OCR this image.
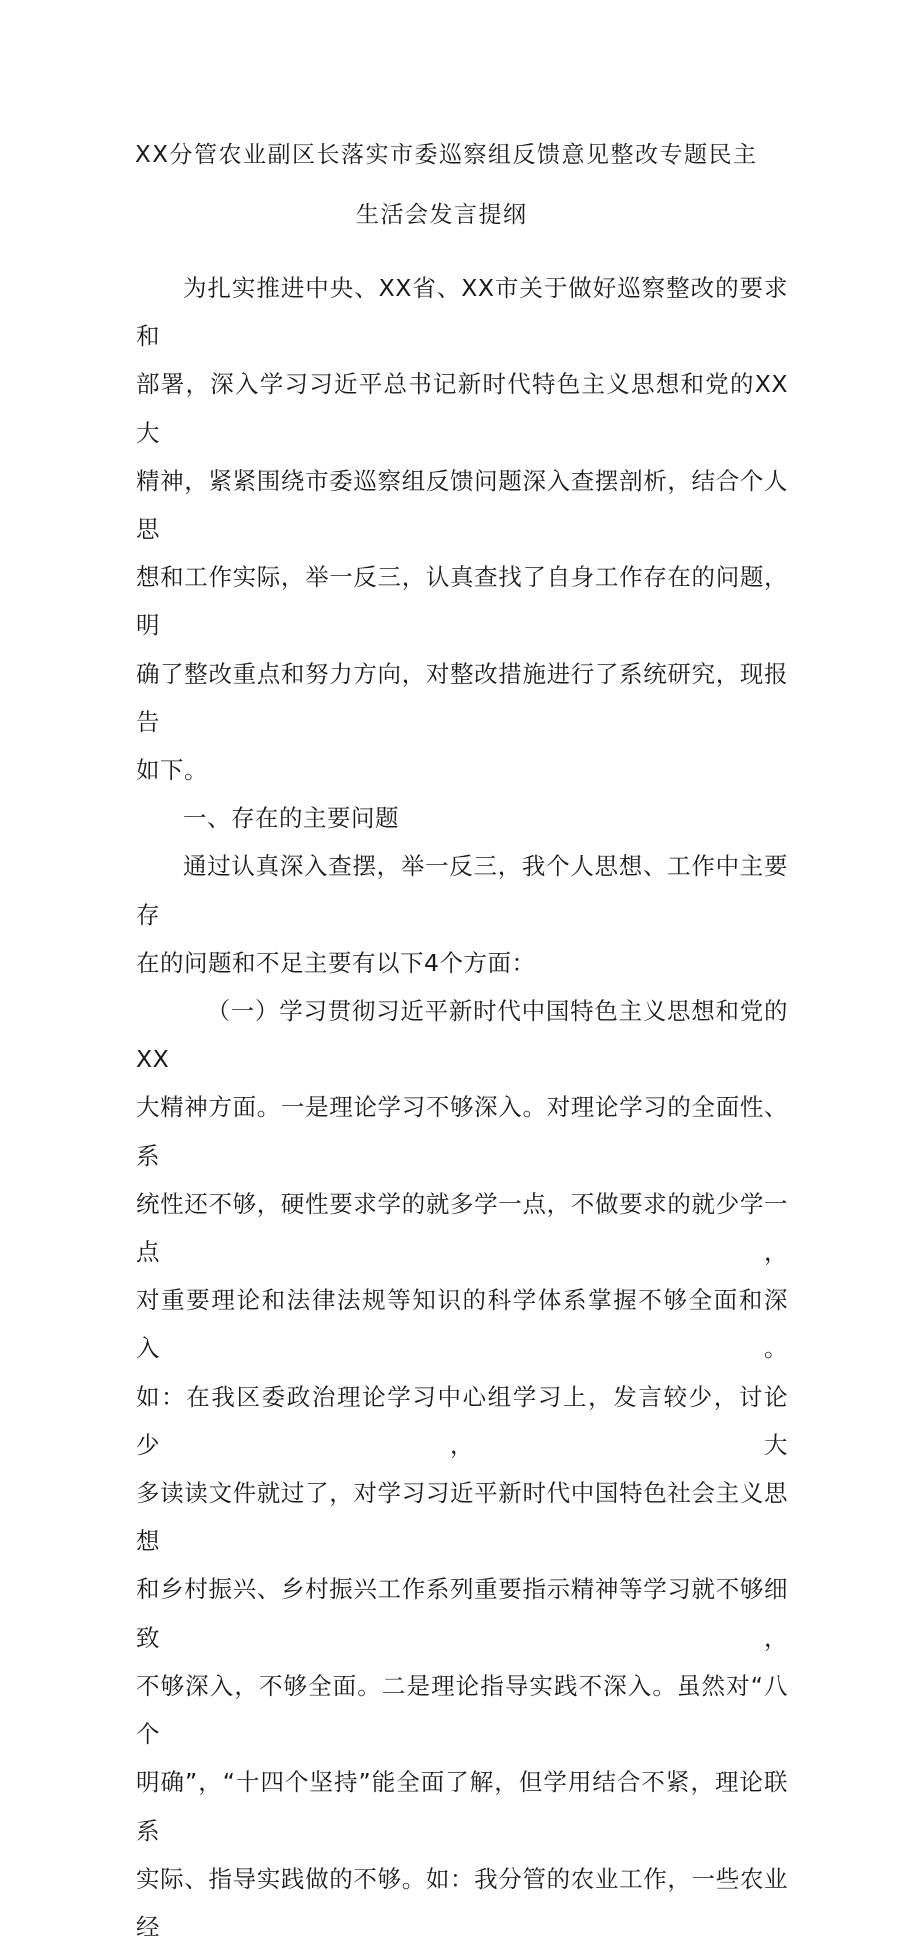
XX分管农业副区长落实市委巡察组反馈意见整改专题民主
生活会发言提纲

为扎实推进中央、XX省、XX市关于做好巡察整改的要求和
部署，深入学习习近平总书记新时代特色主义思想和党的XX大
精神，紧紧围绕市委巡察组反馈问题深入查摆剖析，结合个人思
想和工作实际，举一反三，认真查找了自身工作存在的问题，明
确了整改重点和努力方向，对整改措施进行了系统研究，现报告
如下。

一、存在的主要问题

通过认真深入查摆，举一反三，我个人思想、工作中主要存
在的问题和不足主要有以下4个方面：

（一）学习贯彻习近平新时代中国特色主义思想和党的XX
大精神方面。一是理论学习不够深入。对理论学习的全面性、系
统性还不够，硬性要求学的就多学一点，不做要求的就少学一点，
对重要理论和法律法规等知识的科学体系掌握不够全面和深入。
如：在我区委政治理论学习中心组学习上，发言较少，讨论少，大
多读读文件就过了，对学习习近平新时代中国特色社会主义思想
和乡村振兴、乡村振兴工作系列重要指示精神等学习就不够细致，
不够深入，不够全面。二是理论指导实践不深入。虽然对“八个
明确”，“十四个坚持”能全面了解，但学用结合不紧，理论联系
实际、指导实践做的不够。如：我分管的农业工作，一些农业经
